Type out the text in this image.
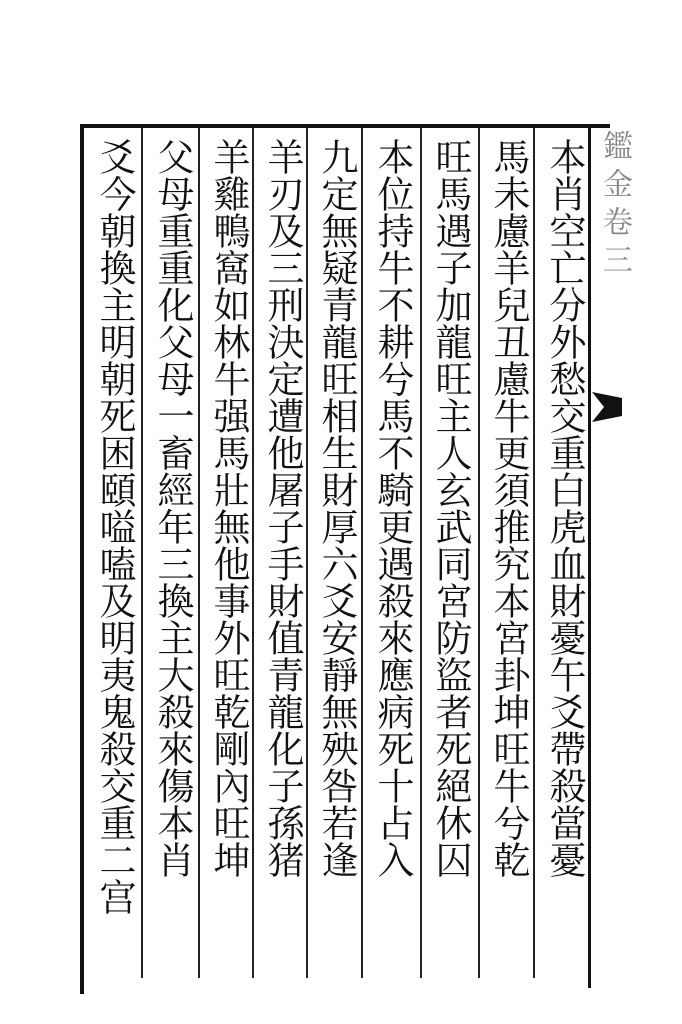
鑑金卷三
本肖空亡分外愁交重白虎血財憂午爻帶殺當憂
馬未慮羊兒丑慮牛更須推究本宮卦坤旺牛兮乾
旺馬遇子加龍旺主人玄武同宮防盜者死絕休囚
本位持牛不耕兮馬不騎更遇殺來應病死十占入
九定無疑青龍旺相生財厚六爻安靜無殃咎若逢
羊刃及三刑決定遭他屠子手財值青龍化子孫猪
羊雞鴨窩如林牛强馬壯無他事外旺乾剛內旺坤
父母重重化父母一畜經年三換主大殺來傷本肖
爻今朝換主明朝死困頤嗌嗑及明夷鬼殺交重二宫
